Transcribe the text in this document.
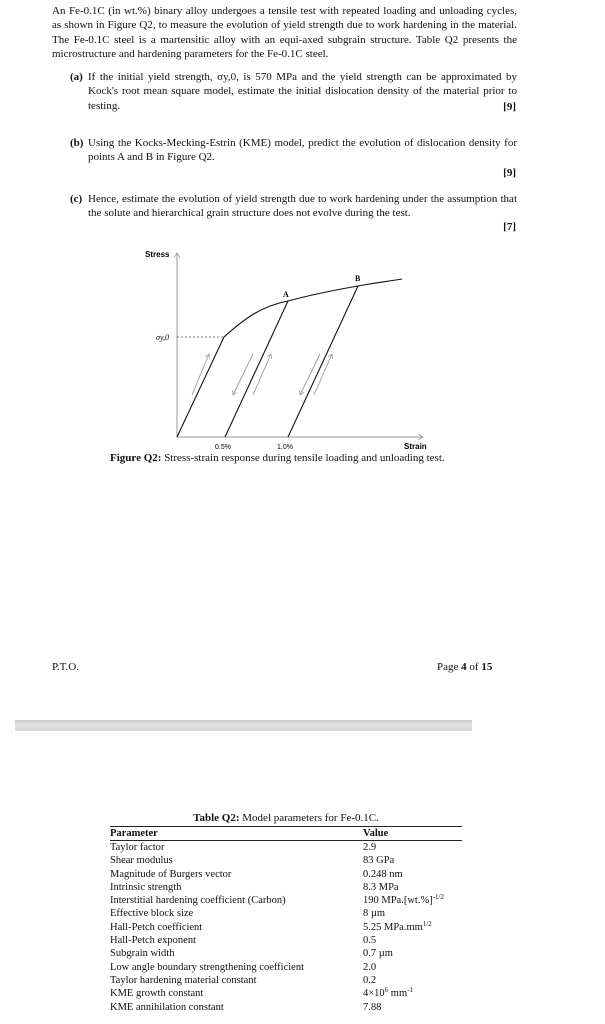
An Fe-0.1C (in wt.%) binary alloy undergoes a tensile test with repeated loading and unloading cycles, as shown in Figure Q2, to measure the evolution of yield strength due to work hardening in the material. The Fe-0.1C steel is a martensitic alloy with an equi-axed subgrain structure. Table Q2 presents the microstructure and hardening parameters for the Fe-0.1C steel.
(a) If the initial yield strength, σy,0, is 570 MPa and the yield strength can be approximated by Kock's root mean square model, estimate the initial dislocation density of the material prior to testing.	[9]
(b) Using the Kocks-Mecking-Estrin (KME) model, predict the evolution of dislocation density for points A and B in Figure Q2.
[9]
(c) Hence, estimate the evolution of yield strength due to work hardening under the assumption that the solute and hierarchical grain structure does not evolve during the test.
[7]
Stress
Strain
σy,0
0.5%	1.0%
A
B
Figure Q2: Stress-strain response during tensile loading and unloading test.
P.T.O.	Page 4 of 15
Table Q2: Model parameters for Fe-0.1C.
Parameter	Value
Taylor factor	2.9
Shear modulus	83 GPa
Magnitude of Burgers vector	0.248 nm
Intrinsic strength	8.3 MPa
Interstitial hardening coefficient (Carbon)	190 $MPa.[wt.\%]^{-1/2}$
Effective block size	8 µm
Hall-Petch coefficient	5.25 $MPa.mm^{1/2}$
Hall-Petch exponent	0.5
Subgrain width	0.7 µm
Low angle boundary strengthening coefficient	2.0
Taylor hardening material constant	0.2
KME growth constant	$4\times 10^6$ $mm^{-1}$
KME annihilation constant	7.88
